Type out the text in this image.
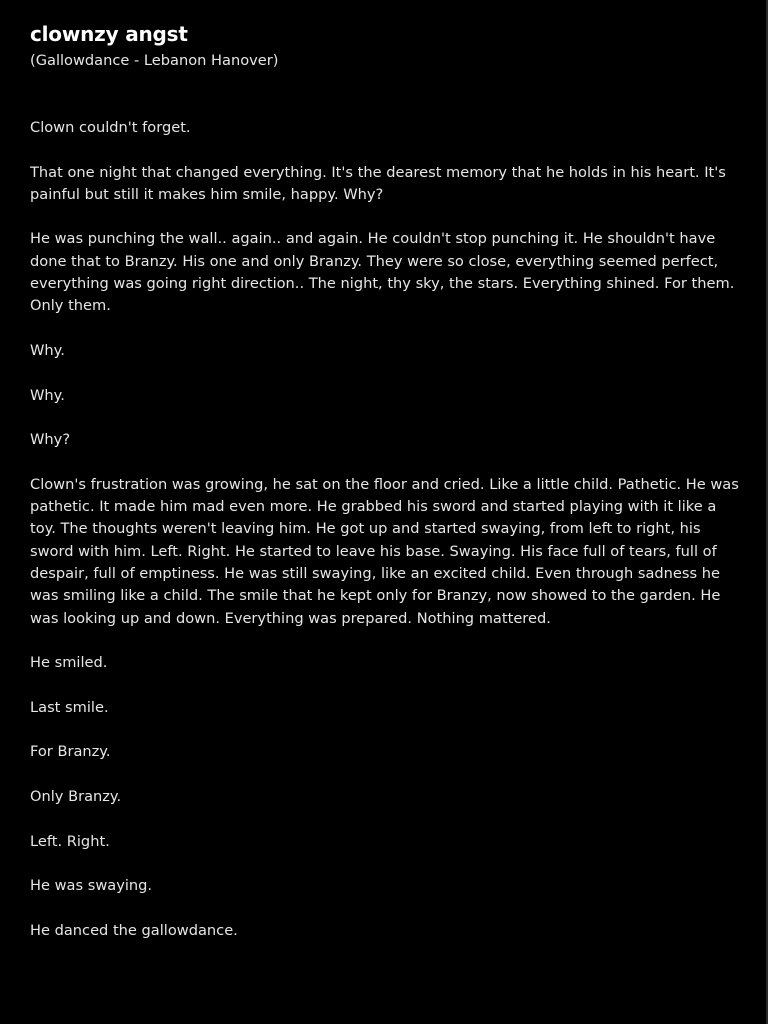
clownzy angst

(Gallowdance - Lebanon Hanover)

Clown couldn't forget.

That one night that changed everything. It's the dearest memory that he holds in his heart. It's painful but still it makes him smile, happy. Why?

He was punching the wall.. again.. and again. He couldn't stop punching it. He shouldn't have done that to Branzy. His one and only Branzy. They were so close, everything seemed perfect, everything was going right direction.. The night, thy sky, the stars. Everything shined. For them. Only them.

Why.

Why.

Why?

Clown's frustration was growing, he sat on the floor and cried. Like a little child. Pathetic. He was pathetic. It made him mad even more. He grabbed his sword and started playing with it like a toy. The thoughts weren't leaving him. He got up and started swaying, from left to right, his sword with him. Left. Right. He started to leave his base. Swaying. His face full of tears, full of despair, full of emptiness. He was still swaying, like an excited child. Even through sadness he was smiling like a child. The smile that he kept only for Branzy, now showed to the garden. He was looking up and down. Everything was prepared. Nothing mattered.

He smiled.

Last smile.

For Branzy.

Only Branzy.

Left. Right.

He was swaying.

He danced the gallowdance.
